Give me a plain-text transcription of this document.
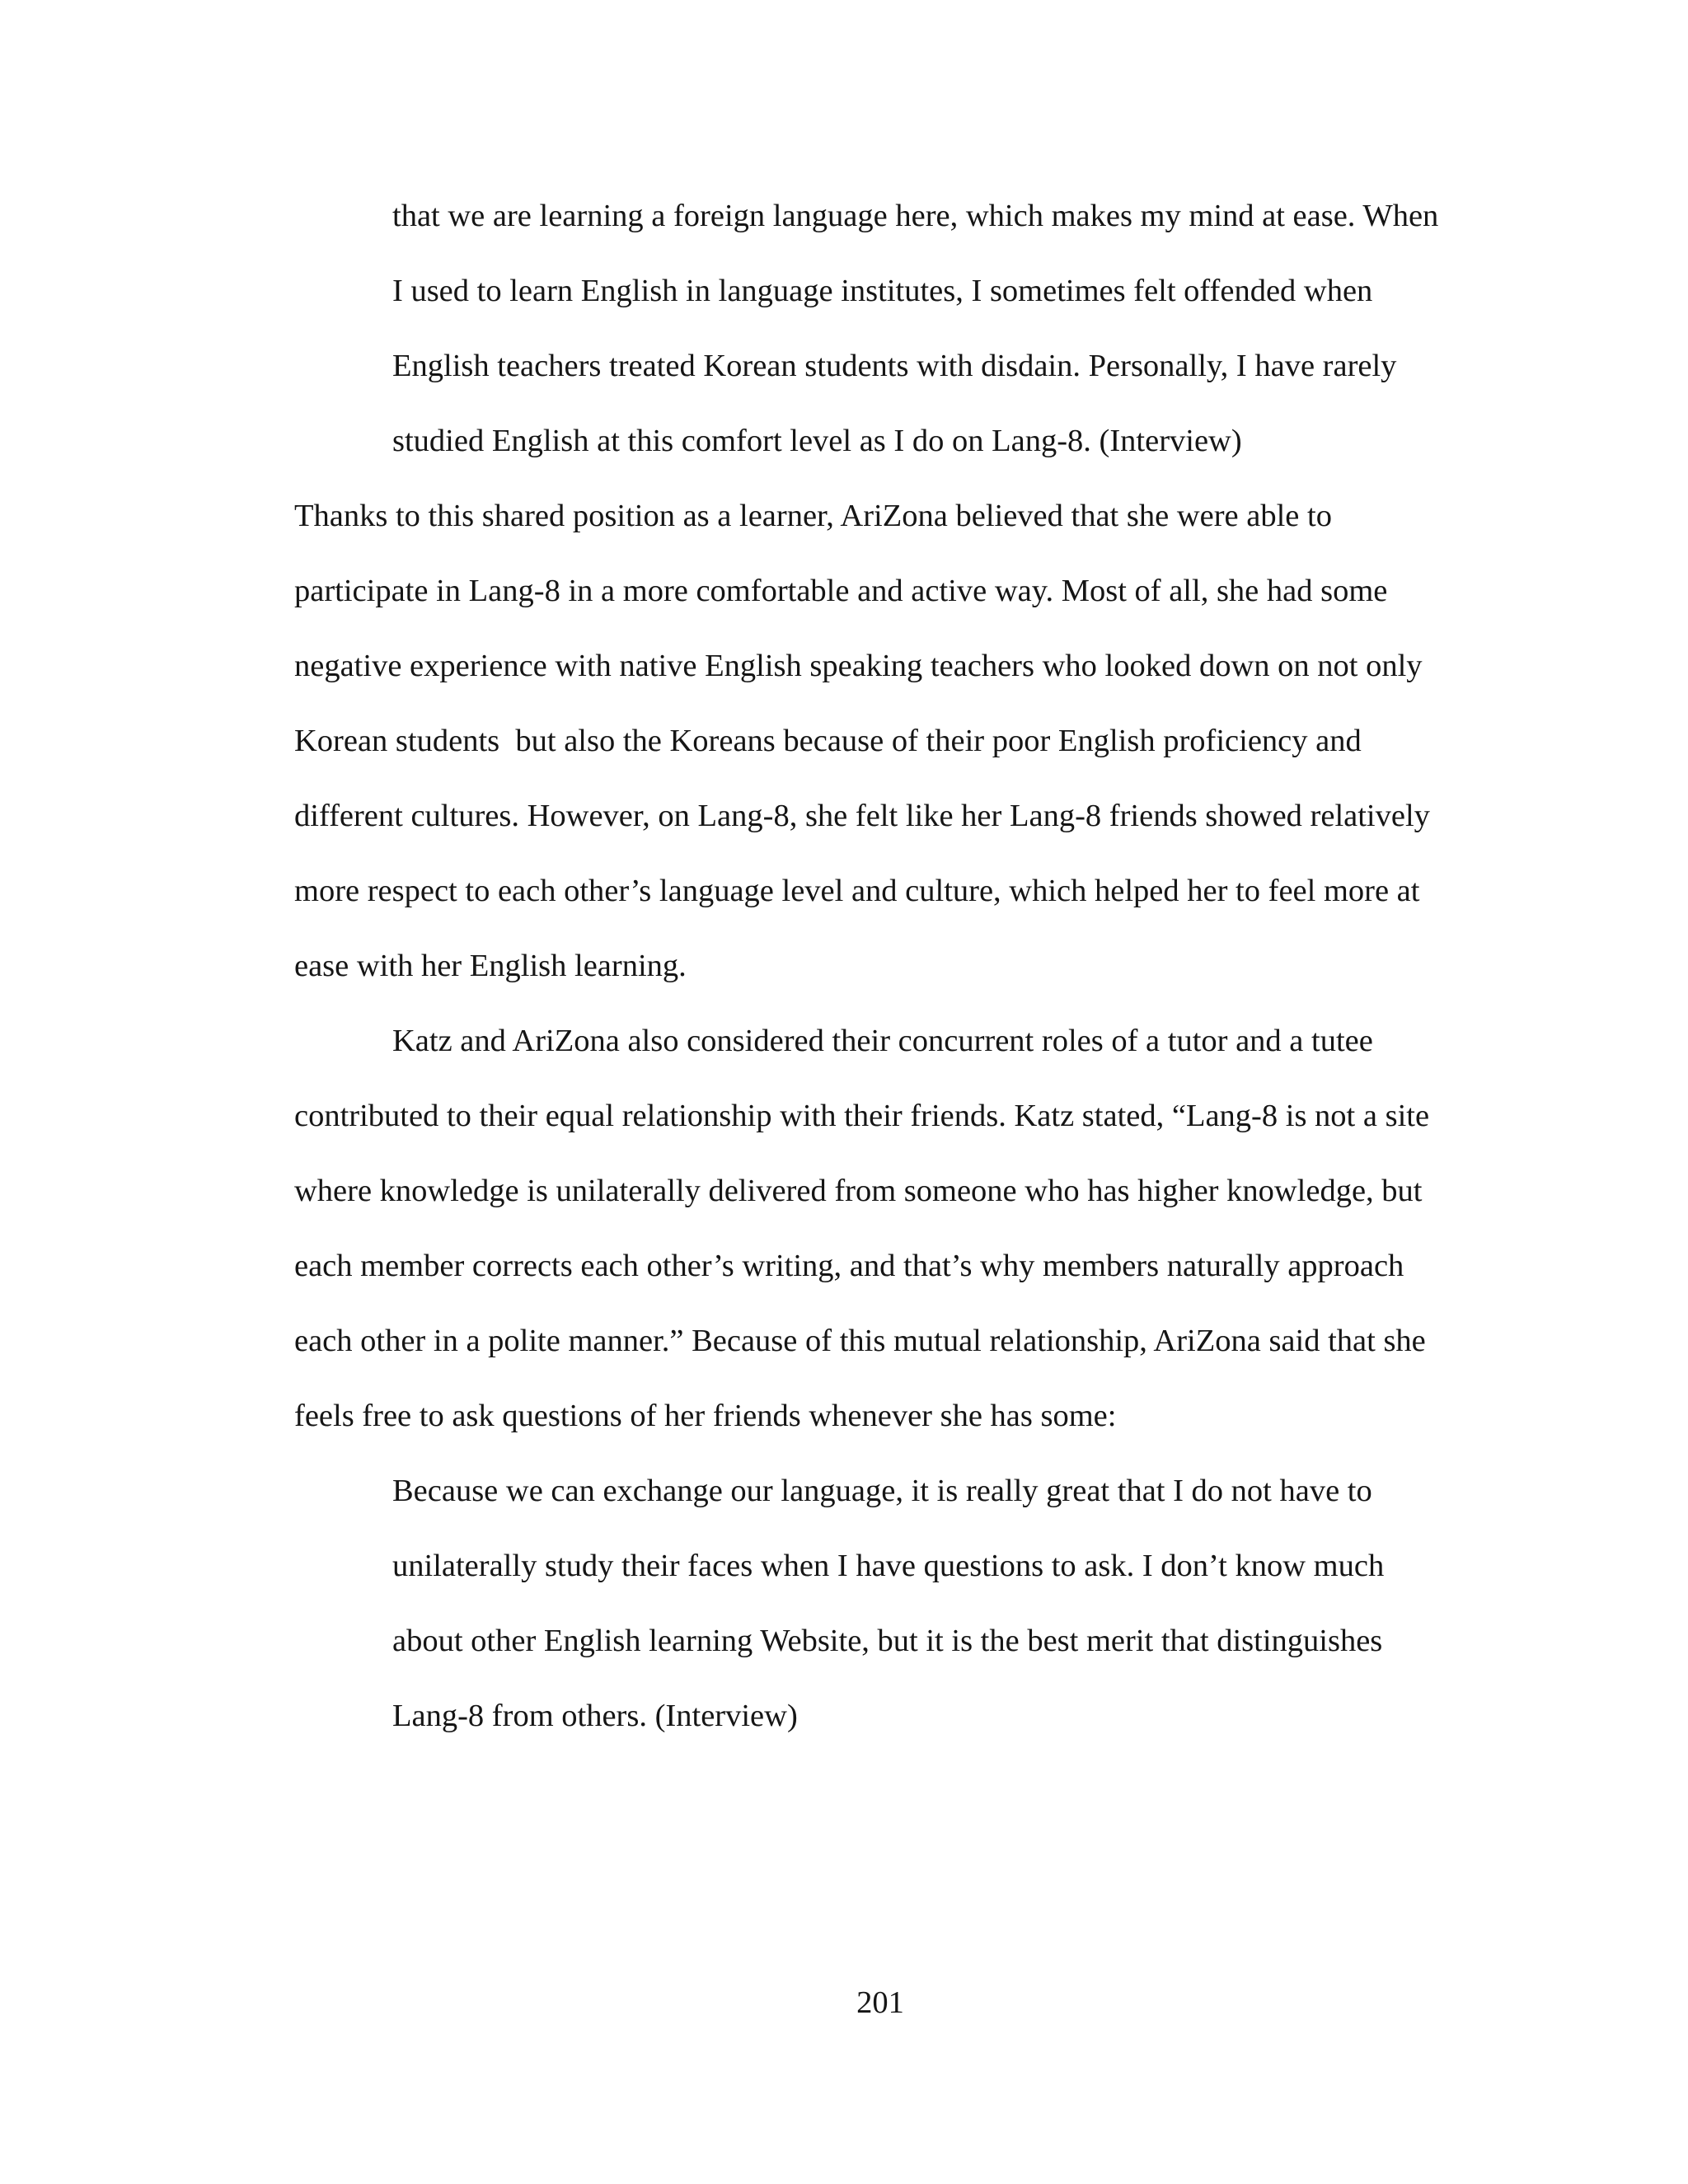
that we are learning a foreign language here, which makes my mind at ease. When
I used to learn English in language institutes, I sometimes felt offended when
English teachers treated Korean students with disdain. Personally, I have rarely
studied English at this comfort level as I do on Lang-8. (Interview)
Thanks to this shared position as a learner, AriZona believed that she were able to
participate in Lang-8 in a more comfortable and active way. Most of all, she had some
negative experience with native English speaking teachers who looked down on not only
Korean students  but also the Koreans because of their poor English proficiency and
different cultures. However, on Lang-8, she felt like her Lang-8 friends showed relatively
more respect to each other’s language level and culture, which helped her to feel more at
ease with her English learning.
Katz and AriZona also considered their concurrent roles of a tutor and a tutee
contributed to their equal relationship with their friends. Katz stated, “Lang-8 is not a site
where knowledge is unilaterally delivered from someone who has higher knowledge, but
each member corrects each other’s writing, and that’s why members naturally approach
each other in a polite manner.” Because of this mutual relationship, AriZona said that she
feels free to ask questions of her friends whenever she has some:
Because we can exchange our language, it is really great that I do not have to
unilaterally study their faces when I have questions to ask. I don’t know much
about other English learning Website, but it is the best merit that distinguishes
Lang-8 from others. (Interview)
201
